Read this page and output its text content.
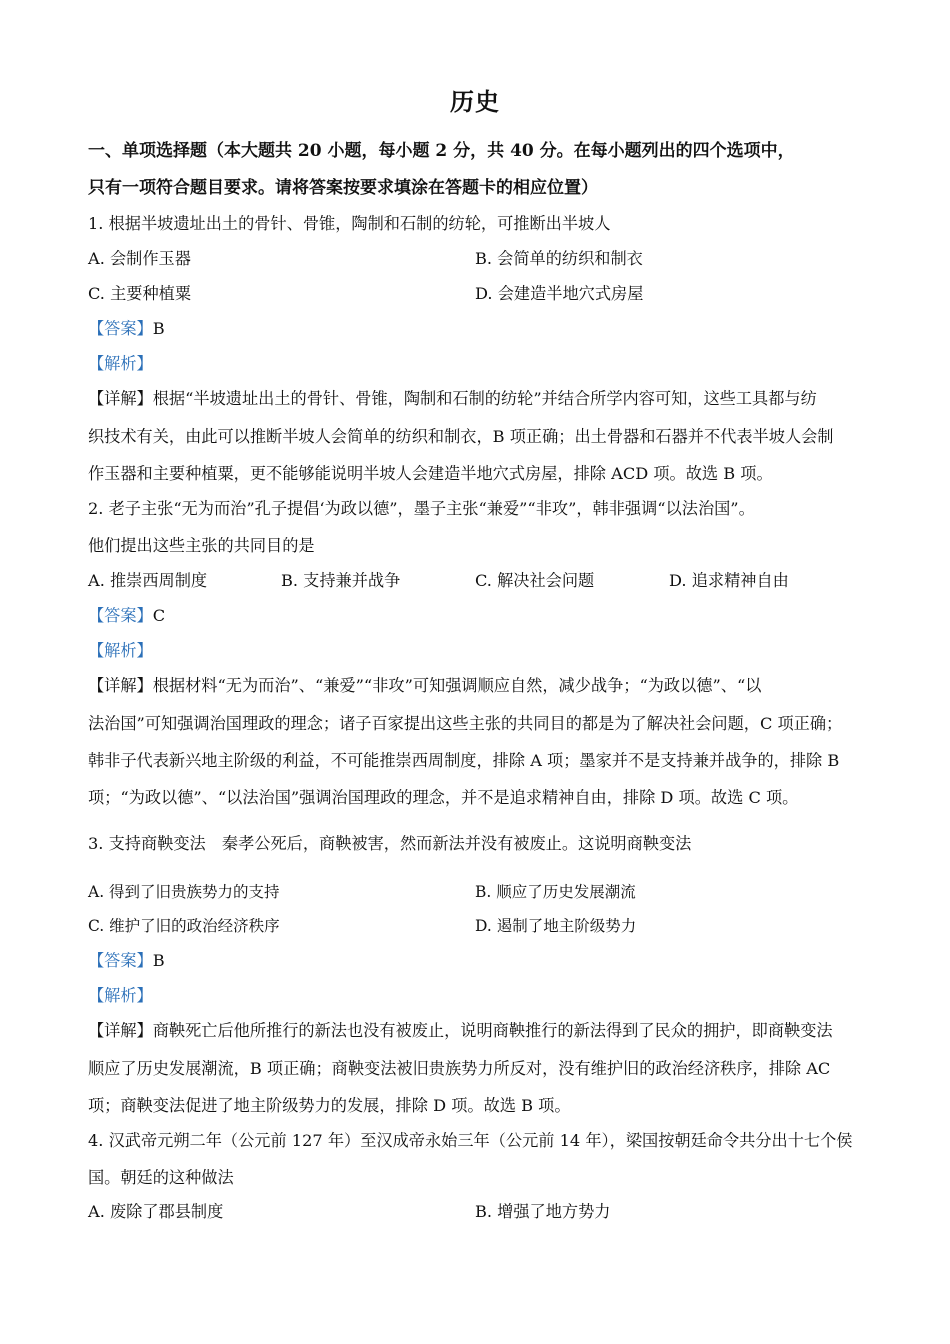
历史
一、单项选择题（本大题共 20 小题，每小题 2 分，共 40 分。在每小题列出的四个选项中，
只有一项符合题目要求。请将答案按要求填涂在答题卡的相应位置）
1. 根据半坡遗址出土的骨针、骨锥，陶制和石制的纺轮，可推断出半坡人
A. 会制作玉器	B. 会简单的纺织和制衣
C. 主要种植粟	D. 会建造半地穴式房屋
【答案】B
【解析】
【详解】根据“半坡遗址出土的骨针、骨锥，陶制和石制的纺轮”并结合所学内容可知，这些工具都与纺
织技术有关，由此可以推断半坡人会简单的纺织和制衣，B 项正确；出土骨器和石器并不代表半坡人会制
作玉器和主要种植粟，更不能够能说明半坡人会建造半地穴式房屋，排除 ACD 项。故选 B 项。
2. 老子主张“无为而治”孔子提倡‘为政以德”，墨子主张“兼爱”“非攻”，韩非强调“以法治国”。
他们提出这些主张的共同目的是
A. 推崇西周制度	B. 支持兼并战争	C. 解决社会问题	D. 追求精神自由
【答案】C
【解析】
【详解】根据材料“无为而治”、“兼爱”“非攻”可知强调顺应自然，减少战争；“为政以德”、“以
法治国”可知强调治国理政的理念；诸子百家提出这些主张的共同目的都是为了解决社会问题，C 项正确；
韩非子代表新兴地主阶级的利益，不可能推崇西周制度，排除 A 项；墨家并不是支持兼并战争的，排除 B
项；“为政以德”、“以法治国”强调治国理政的理念，并不是追求精神自由，排除 D 项。故选 C 项。
3. 支持商鞅变法　秦孝公死后，商鞅被害，然而新法并没有被废止。这说明商鞅变法
A. 得到了旧贵族势力的支持	B. 顺应了历史发展潮流
C. 维护了旧的政治经济秩序	D. 遏制了地主阶级势力
【答案】B
【解析】
【详解】商鞅死亡后他所推行的新法也没有被废止，说明商鞅推行的新法得到了民众的拥护，即商鞅变法
顺应了历史发展潮流，B 项正确；商鞅变法被旧贵族势力所反对，没有维护旧的政治经济秩序，排除 AC
项；商鞅变法促进了地主阶级势力的发展，排除 D 项。故选 B 项。
4. 汉武帝元朔二年（公元前 127 年）至汉成帝永始三年（公元前 14 年），梁国按朝廷命令共分出十七个侯
国。朝廷的这种做法
A. 废除了郡县制度	B. 增强了地方势力
